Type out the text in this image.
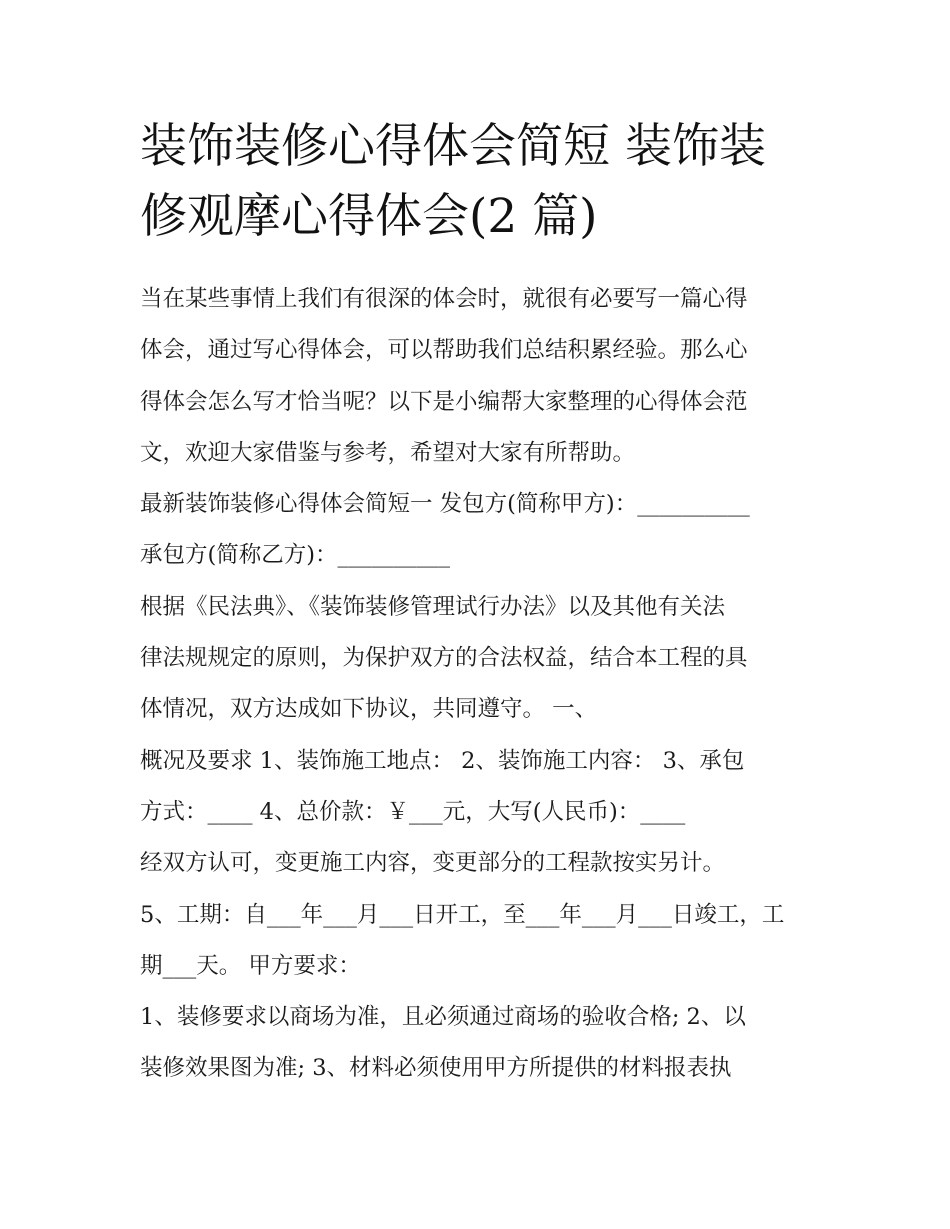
装饰装修心得体会简短 装饰装
修观摩心得体会(2 篇)
当在某些事情上我们有很深的体会时，就很有必要写一篇心得
体会，通过写心得体会，可以帮助我们总结积累经验。那么心
得体会怎么写才恰当呢？以下是小编帮大家整理的心得体会范
文，欢迎大家借鉴与参考，希望对大家有所帮助。
最新装饰装修心得体会简短一 发包方(简称甲方)：__________
承包方(简称乙方)：__________
根据《民法典》、《装饰装修管理试行办法》以及其他有关法
律法规规定的原则，为保护双方的合法权益，结合本工程的具
体情况，双方达成如下协议，共同遵守。 一、
概况及要求 1、装饰施工地点： 2、装饰施工内容： 3、承包
方式：____ 4、总价款：￥___元，大写(人民币)：____
经双方认可，变更施工内容，变更部分的工程款按实另计。
5、工期：自___年___月___日开工，至___年___月___日竣工，工
期___天。 甲方要求：
1、装修要求以商场为准，且必须通过商场的验收合格; 2、以
装修效果图为准; 3、材料必须使用甲方所提供的材料报表执
